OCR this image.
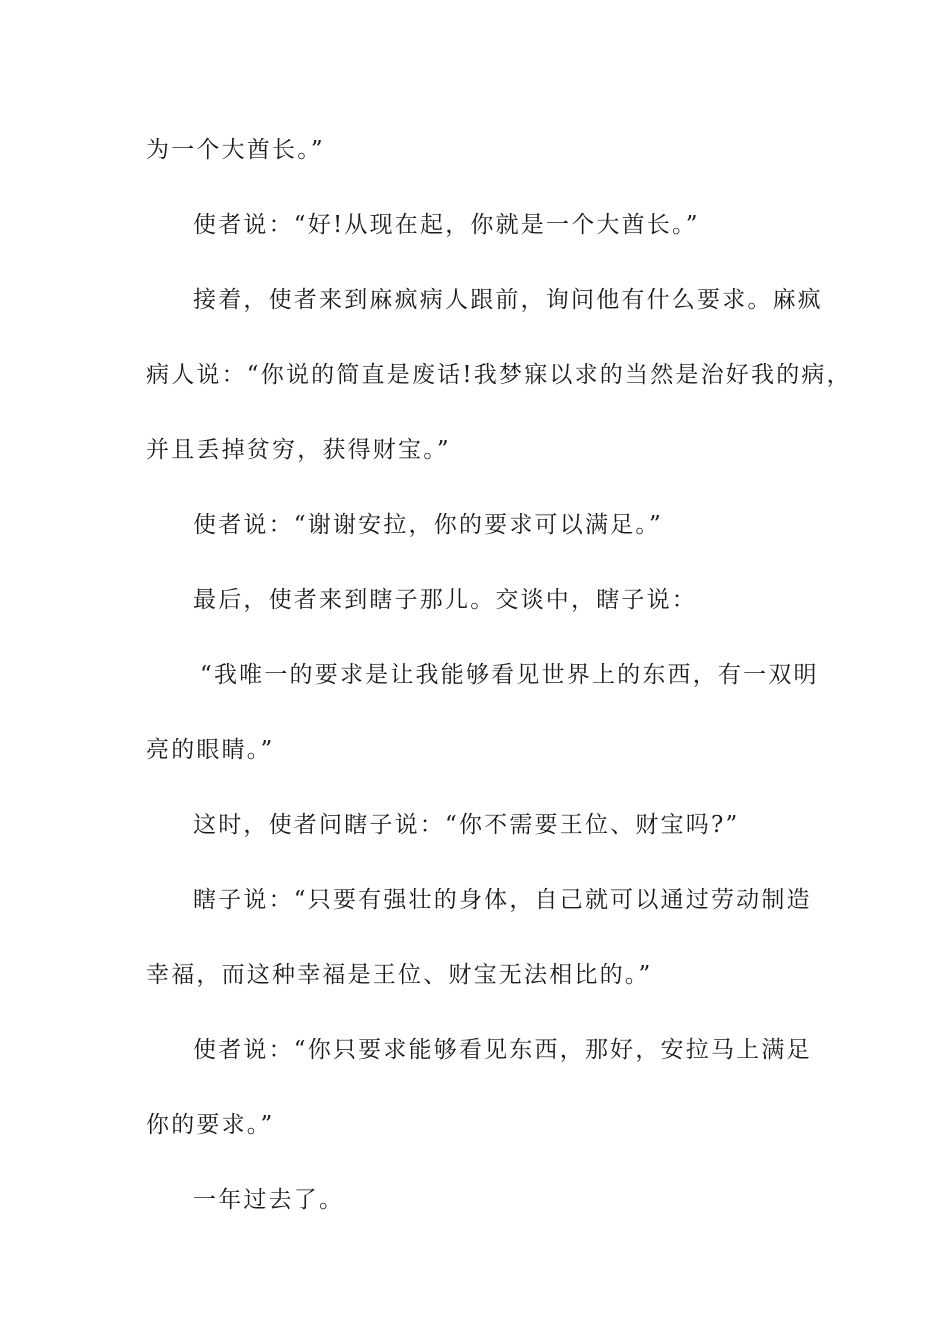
为一个大酋长。”
使者说：“好!从现在起，你就是一个大酋长。”
接着，使者来到麻疯病人跟前，询问他有什么要求。麻疯
病人说：“你说的简直是废话!我梦寐以求的当然是治好我的病，
并且丢掉贫穷，获得财宝。”
使者说：“谢谢安拉，你的要求可以满足。”
最后，使者来到瞎子那儿。交谈中，瞎子说：
“我唯一的要求是让我能够看见世界上的东西，有一双明
亮的眼睛。”
这时，使者问瞎子说：“你不需要王位、财宝吗?”
瞎子说：“只要有强壮的身体，自己就可以通过劳动制造
幸福，而这种幸福是王位、财宝无法相比的。”
使者说：“你只要求能够看见东西，那好，安拉马上满足
你的要求。”
一年过去了。
